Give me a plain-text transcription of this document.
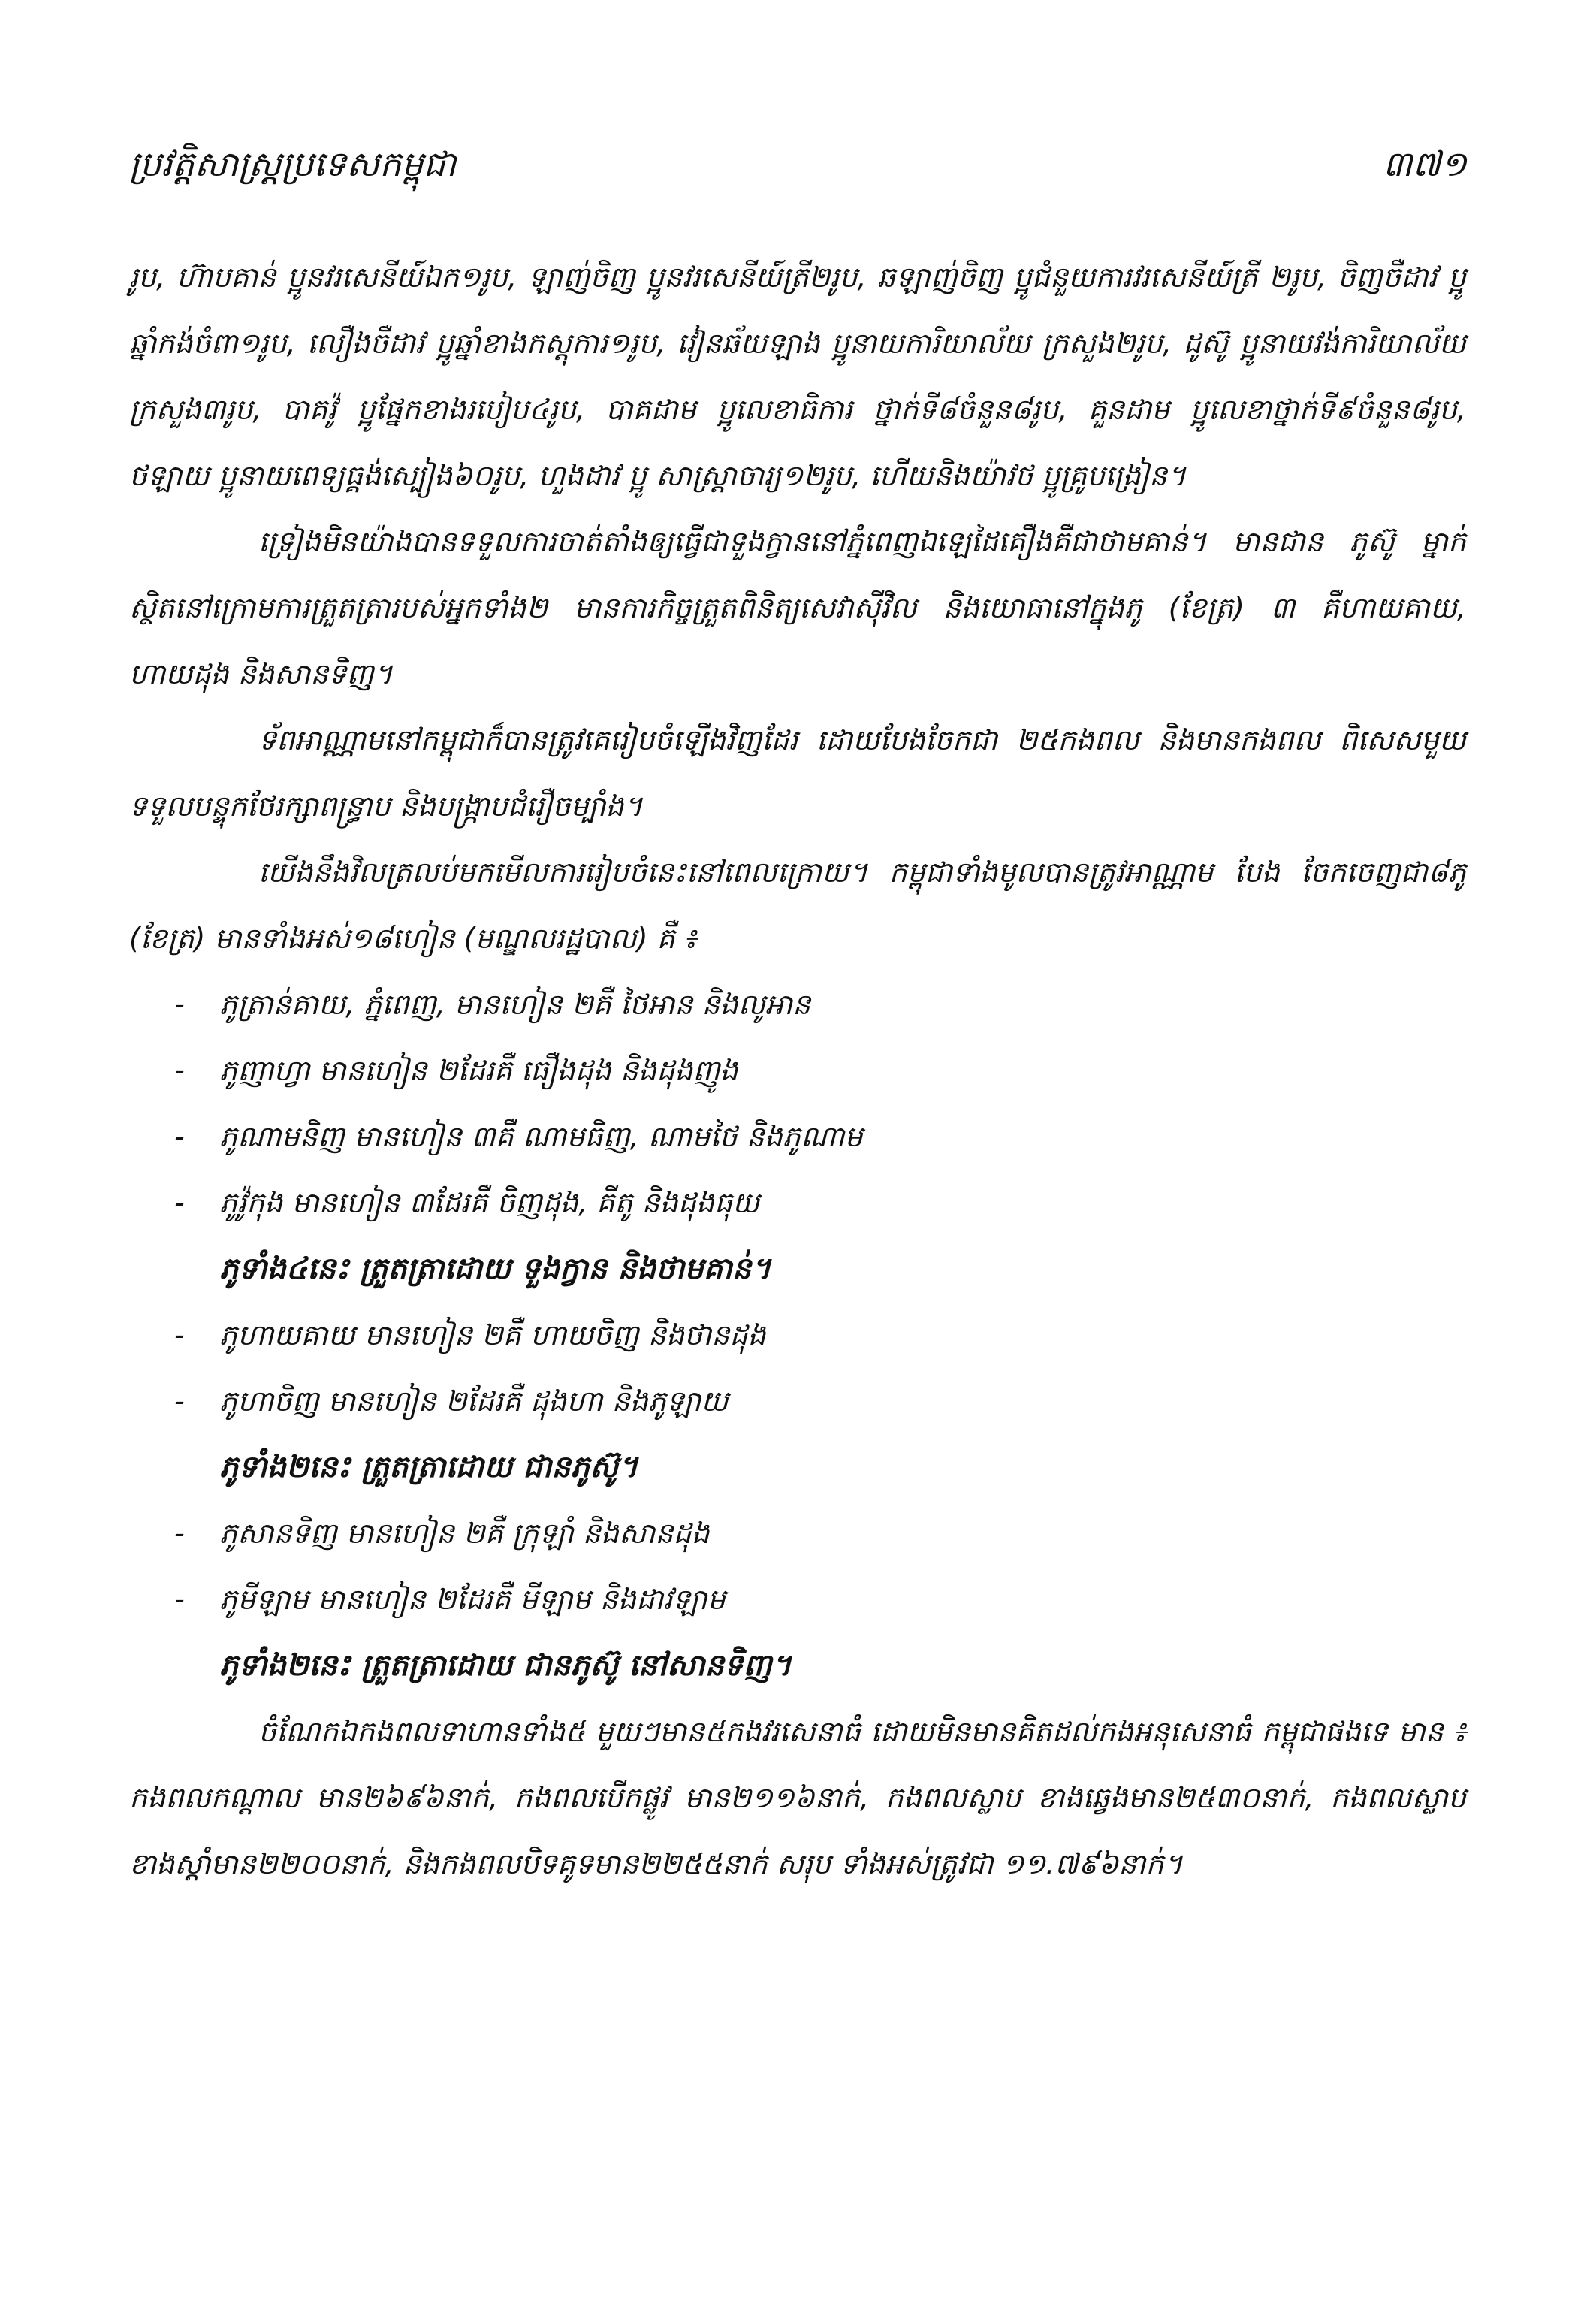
ប្រវត្តិសាស្ត្រប្រទេសកម្ពុជា	៣៧១

រូប, ហ៊ាបគាន់ ប្អូនវរសេនីយ៍ឯក១រូប, ឡាញ់ចិញ ប្អូនវរសេនីយ៍ត្រី២រូប, ឆឡាញ់ចិញ ប្អូជំនួយការវរសេនីយ៍ត្រី ២រូប, ចិញចឺដាវ ប្អូឆ្នាំកង់ចំពា១រូប, លឿងចឺដាវ ប្អូឆ្នាំខាងកស្តុការ១រូប, វៀនឆ័យឡាង ប្អូនាយការិយាល័យ ក្រសួង២រូប, ដូស៊ូ ប្អូនាយវង់ការិយាល័យក្រសួង៣រូប, បាគវ៉ូ ប្អូផ្នែកខាងរបៀប៤រូប, បាគដាម ប្អូលេខាធិការ ថ្នាក់ទី៨ចំនួន៨រូប, គួនដាម ប្អូលេខាថ្នាក់ទី៩ចំនួន៨រូប, ថឡាយ ប្អូនាយពេទ្យធ្គង់ស្បៀង៦០រូប, ហួងដាវ ប្អូ សាស្ត្រាចារ្យ១២រូប, ហើយនិងយ៉ាវថ ប្អូគ្រូបង្រៀន។

ទ្រៀងមិនយ៉ាងបានទទួលការចាត់តាំងឲ្យធ្វើជាទួងក្វាននៅភ្នំពេញឯឡេដៃគឿងគឺជាថាមគាន់។ មានជាន ភូស៊ូ ម្នាក់ ស្ថិតនៅក្រោមការត្រួតត្រារបស់អ្នកទាំង២ មានការកិច្ចត្រួតពិនិត្យសេវាស៊ីវិល និងយោធានៅក្នុងភូ (ខែត្រ) ៣ គឺហាយគាយ, ហាយដុង និងសានទិញ។

ទ័ពអាណ្ណាមនៅកម្ពុជាក៏បានត្រូវគេរៀបចំឡើងវិញដែរ ដោយបែងចែកជា ២៥កងពល និងមានកងពល ពិសេសមួយ ទទួលបន្ទុកថែរក្សាពន្ធ្រាប និងបង្ក្រាបជំរឿចម្បាំង។

យើងនឹងវិលត្រលប់មកមើលការរៀបចំនេះនៅពេលក្រោយ។ កម្ពុជាទាំងមូលបានត្រូវអាណ្ណាម បែង ចែកចេញជា៨ភូ (ខែត្រ) មានទាំងអស់១៨ហៀន (មណ្ឌលរដ្ឋបាល) គឺ ៖

- ភូត្រាន់គាយ, ភ្នំពេញ, មានហៀន ២គឺ ថៃអាន និងលូអាន

- ភូញាហ្វា មានហៀន ២ដែរគឺ ធឿងដុង និងដុងញូង

- ភូណាមនិញ មានហៀន ៣គឺ ណាមធិញ, ណាមថៃ និងភូណាម

- ភូវ៉ូកុង មានហៀន ៣ដែរគឺ ចិញដុង, គីតូ និងដុងធុយ

ភូទាំង៤នេះ ត្រួតត្រាដោយ ទួងក្វាន និងថាមគាន់។

- ភូហាយគាយ មានហៀន ២គឺ ហាយចិញ និងថានដុង

- ភូហាចិញ មានហៀន ២ដែរគឺ ដុងហា និងភូឡាយ

ភូទាំង២នេះ ត្រួតត្រាដោយ ជានភូស៊ូ។

- ភូសានទិញ មានហៀន ២គឺ ក្រុឡាំ និងសានដុង

- ភូមីឡាម មានហៀន ២ដែរគឺ មីឡាម និងដាវឡាម

ភូទាំង២នេះ ត្រួតត្រាដោយ ជានភូស៊ូ នៅសានទិញ។

ចំណែកឯកងពលទាហានទាំង៥ មួយៗមាន៥កងវរសេនាធំ ដោយមិនមានគិតដល់កងអនុសេនាធំ កម្ពុជាផងទេ មាន ៖ កងពលកណ្តាល មាន២៦៩៦នាក់, កងពលបើកផ្លូវ មាន២១១៦នាក់, កងពលស្លាប ខាងឆ្វេងមាន២៥៣០នាក់, កងពលស្លាបខាងស្តាំមាន២២០០នាក់, និងកងពលបិទគូទមាន២២៥៥នាក់ សរុប ទាំងអស់ត្រូវជា ១១.៧៩៦នាក់។
